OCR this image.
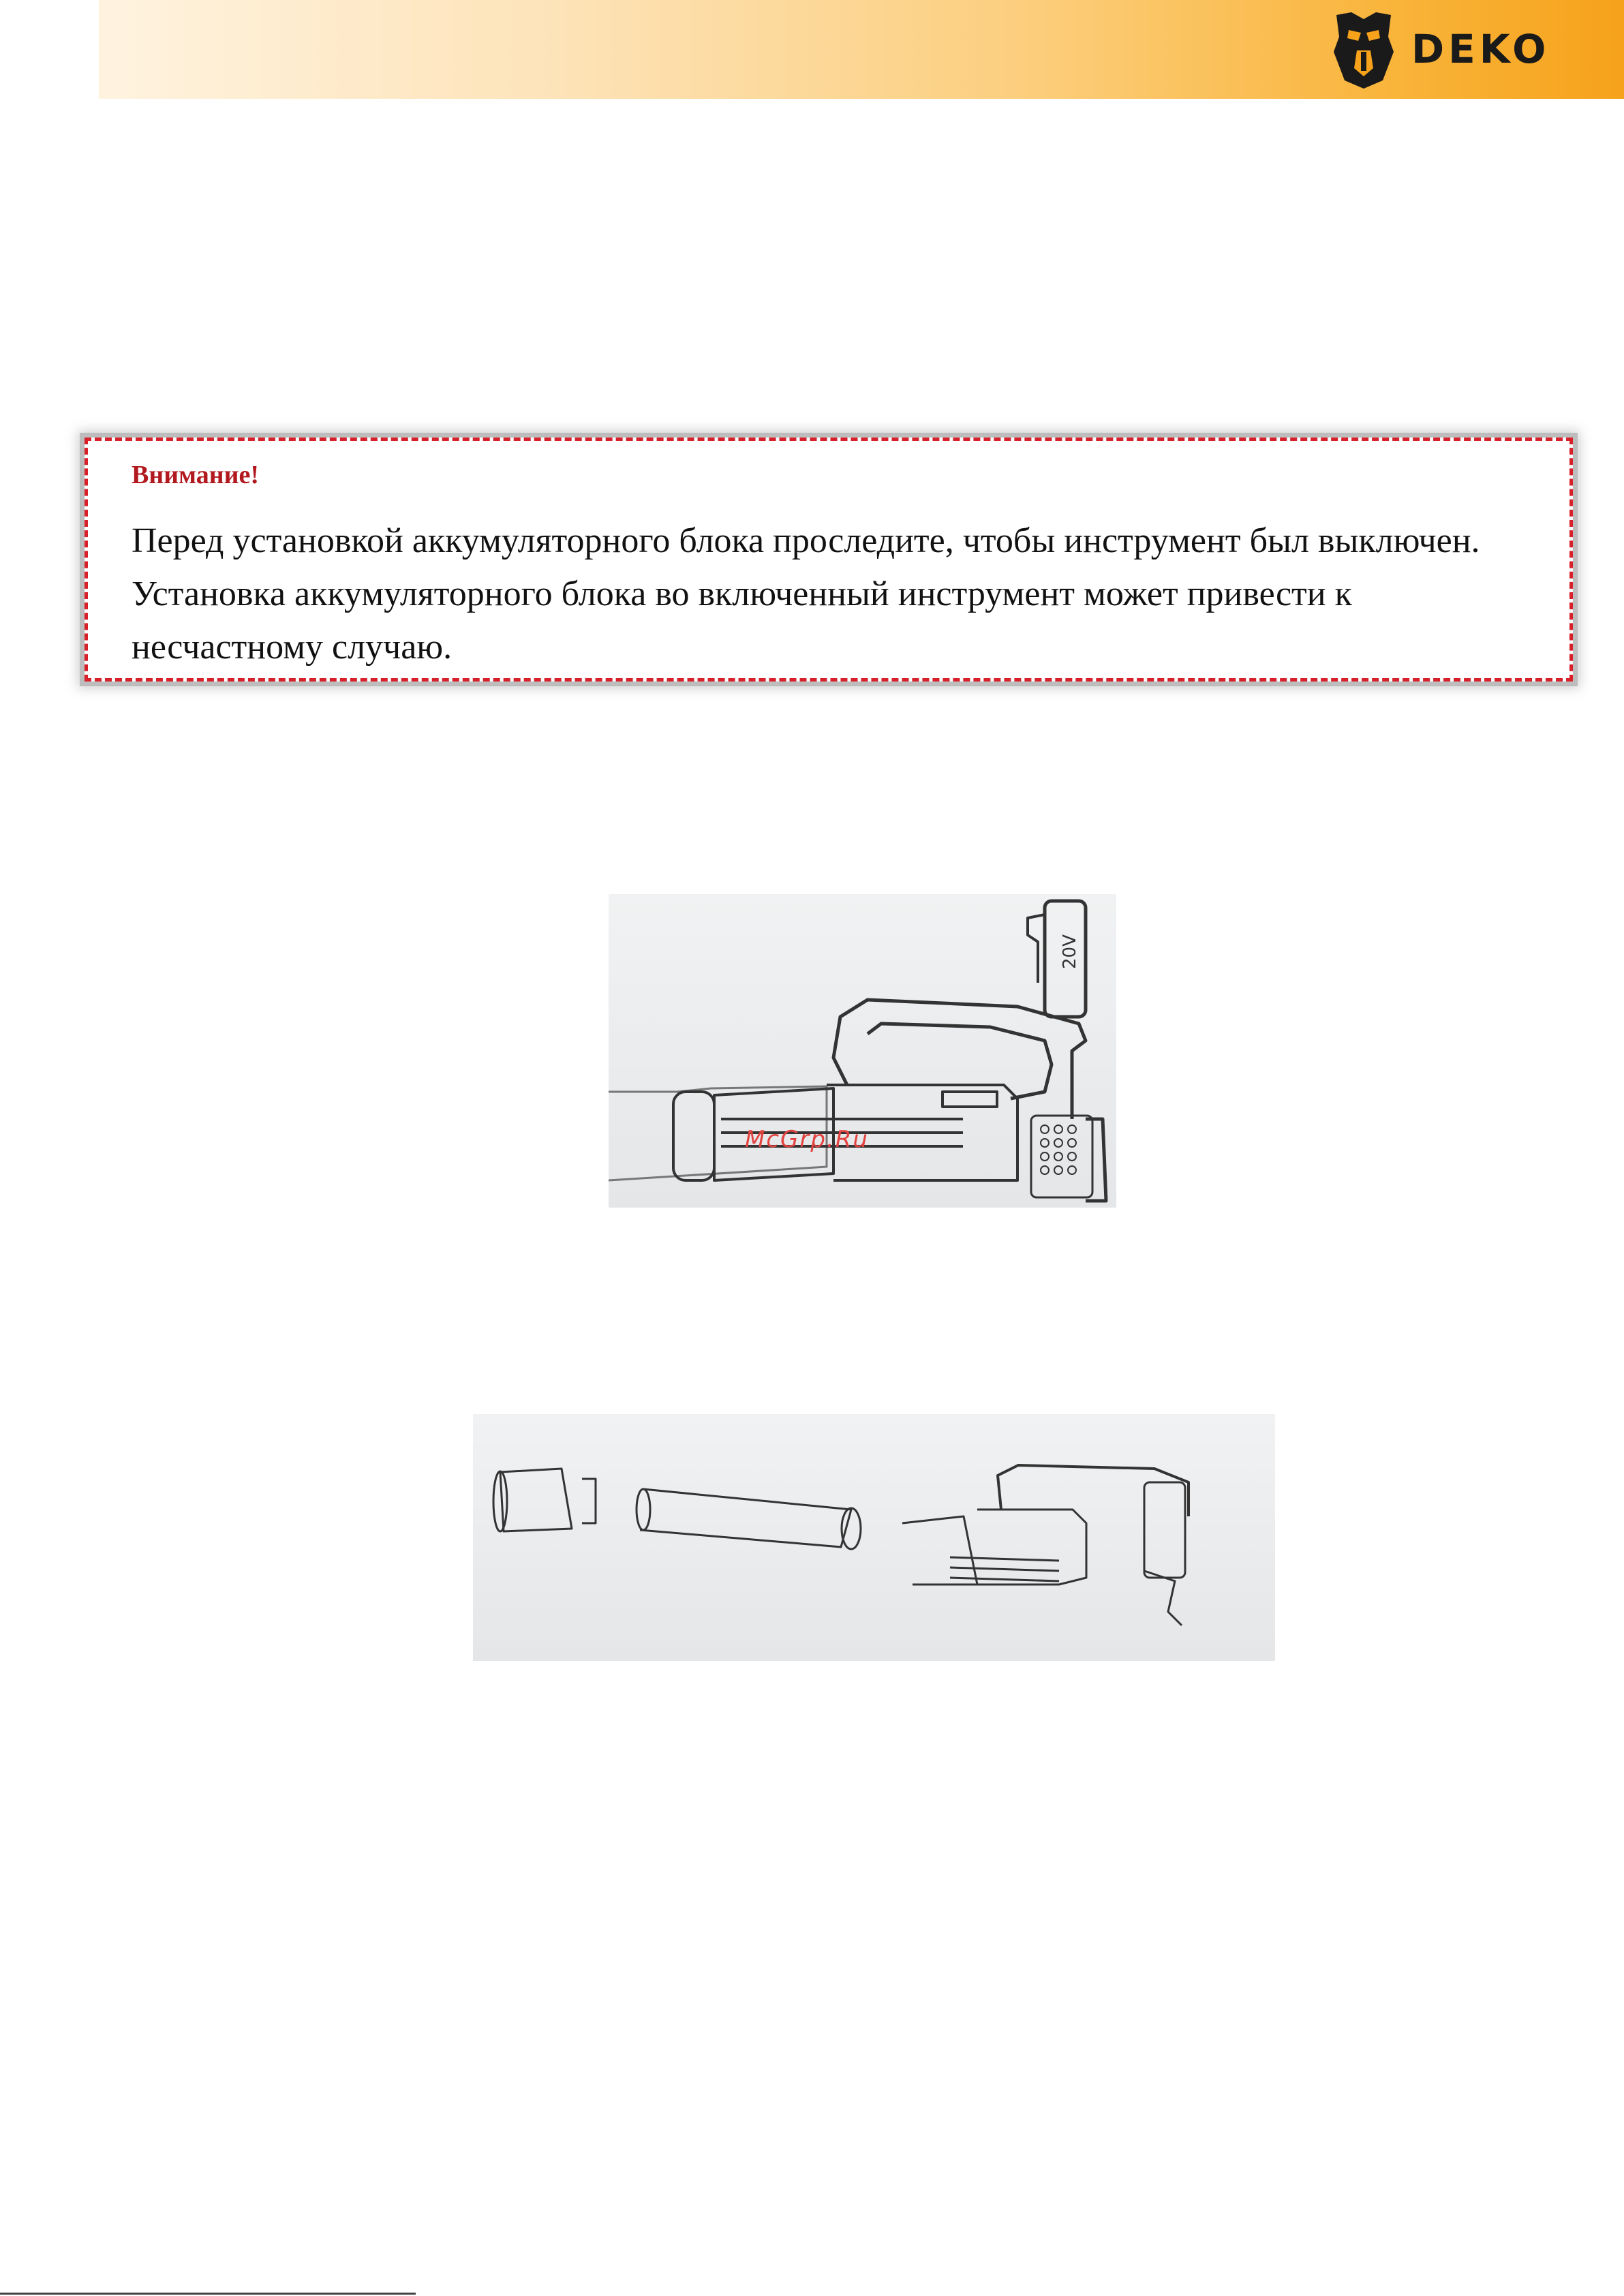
DEKO
Внимание!
Перед установкой аккумуляторного блока проследите, чтобы инструмент был выключен. Установка аккумуляторного блока во включенный инструмент может привести к несчастному случаю.
20V
McGrp.Ru
